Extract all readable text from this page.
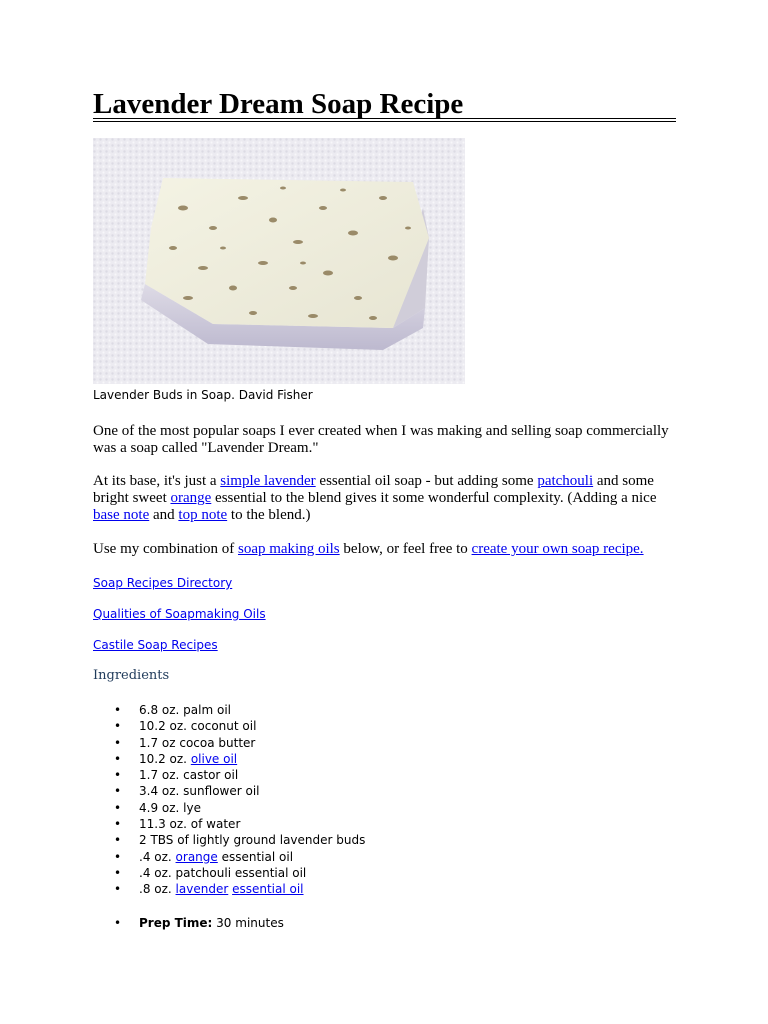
Lavender Dream Soap Recipe
Lavender Buds in Soap. David Fisher

One of the most popular soaps I ever created when I was making and selling soap commercially was a soap called "Lavender Dream."

At its base, it's just a simple lavender essential oil soap - but adding some patchouli and some bright sweet orange essential to the blend gives it some wonderful complexity. (Adding a nice base note and top note to the blend.)

Use my combination of soap making oils below, or feel free to create your own soap recipe.

Soap Recipes Directory
Qualities of Soapmaking Oils
Castile Soap Recipes
Ingredients
• 6.8 oz. palm oil
• 10.2 oz. coconut oil
• 1.7 oz cocoa butter
• 10.2 oz. olive oil
• 1.7 oz. castor oil
• 3.4 oz. sunflower oil
• 4.9 oz. lye
• 11.3 oz. of water
• 2 TBS of lightly ground lavender buds
• .4 oz. orange essential oil
• .4 oz. patchouli essential oil
• .8 oz. lavender essential oil
• Prep Time: 30 minutes
